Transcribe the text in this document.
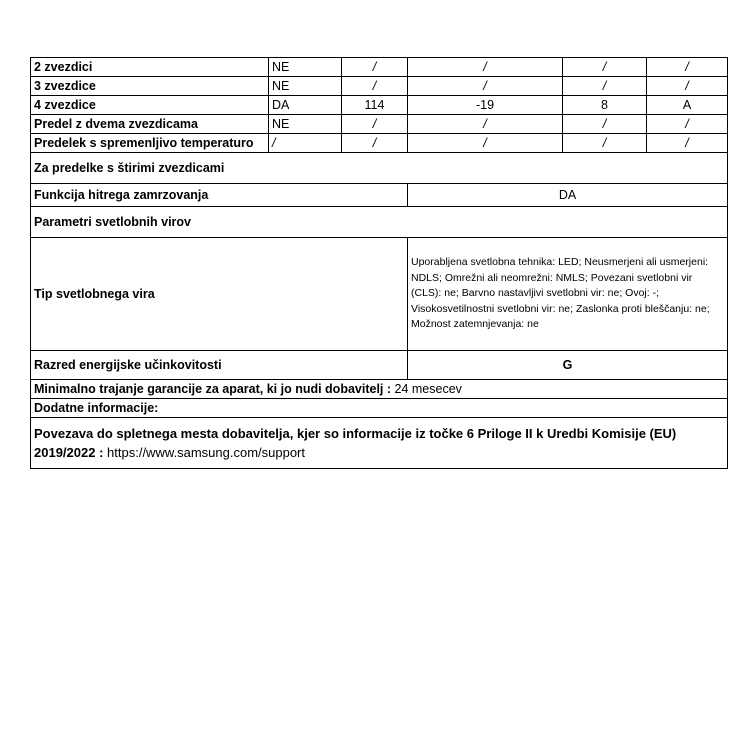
2 zvezdici	NE	/	/	/	/
3 zvezdice	NE	/	/	/	/
4 zvezdice	DA	114	-19	8	A
Predel z dvema zvezdicama	NE	/	/	/	/
Predelek s spremenljivo temperaturo	/	/	/	/	/
Za predelke s štirimi zvezdicami					
Funkcija hitrega zamrzovanja			DA		
Parametri svetlobnih virov					
Tip svetlobnega vira			Uporabljena svetlobna tehnika: LED; Neusmerjeni ali usmerjeni: NDLS; Omrežni ali neomrežni: NMLS; Povezani svetlobni vir (CLS): ne; Barvno nastavljivi svetlobni vir: ne; Ovoj: -; Visokosvetilnostni svetlobni vir: ne; Zaslonka proti bleščanju: ne; Možnost zatemnjevanja: ne		
Razred energijske učinkovitosti			G		
Minimalno trajanje garancije za aparat, ki jo nudi dobavitelj : 24 mesecev					
Dodatne informacije:					
Povezava do spletnega mesta dobavitelja, kjer so informacije iz točke 6 Priloge II k Uredbi Komisije (EU) 2019/2022 : https://www.samsung.com/support					
